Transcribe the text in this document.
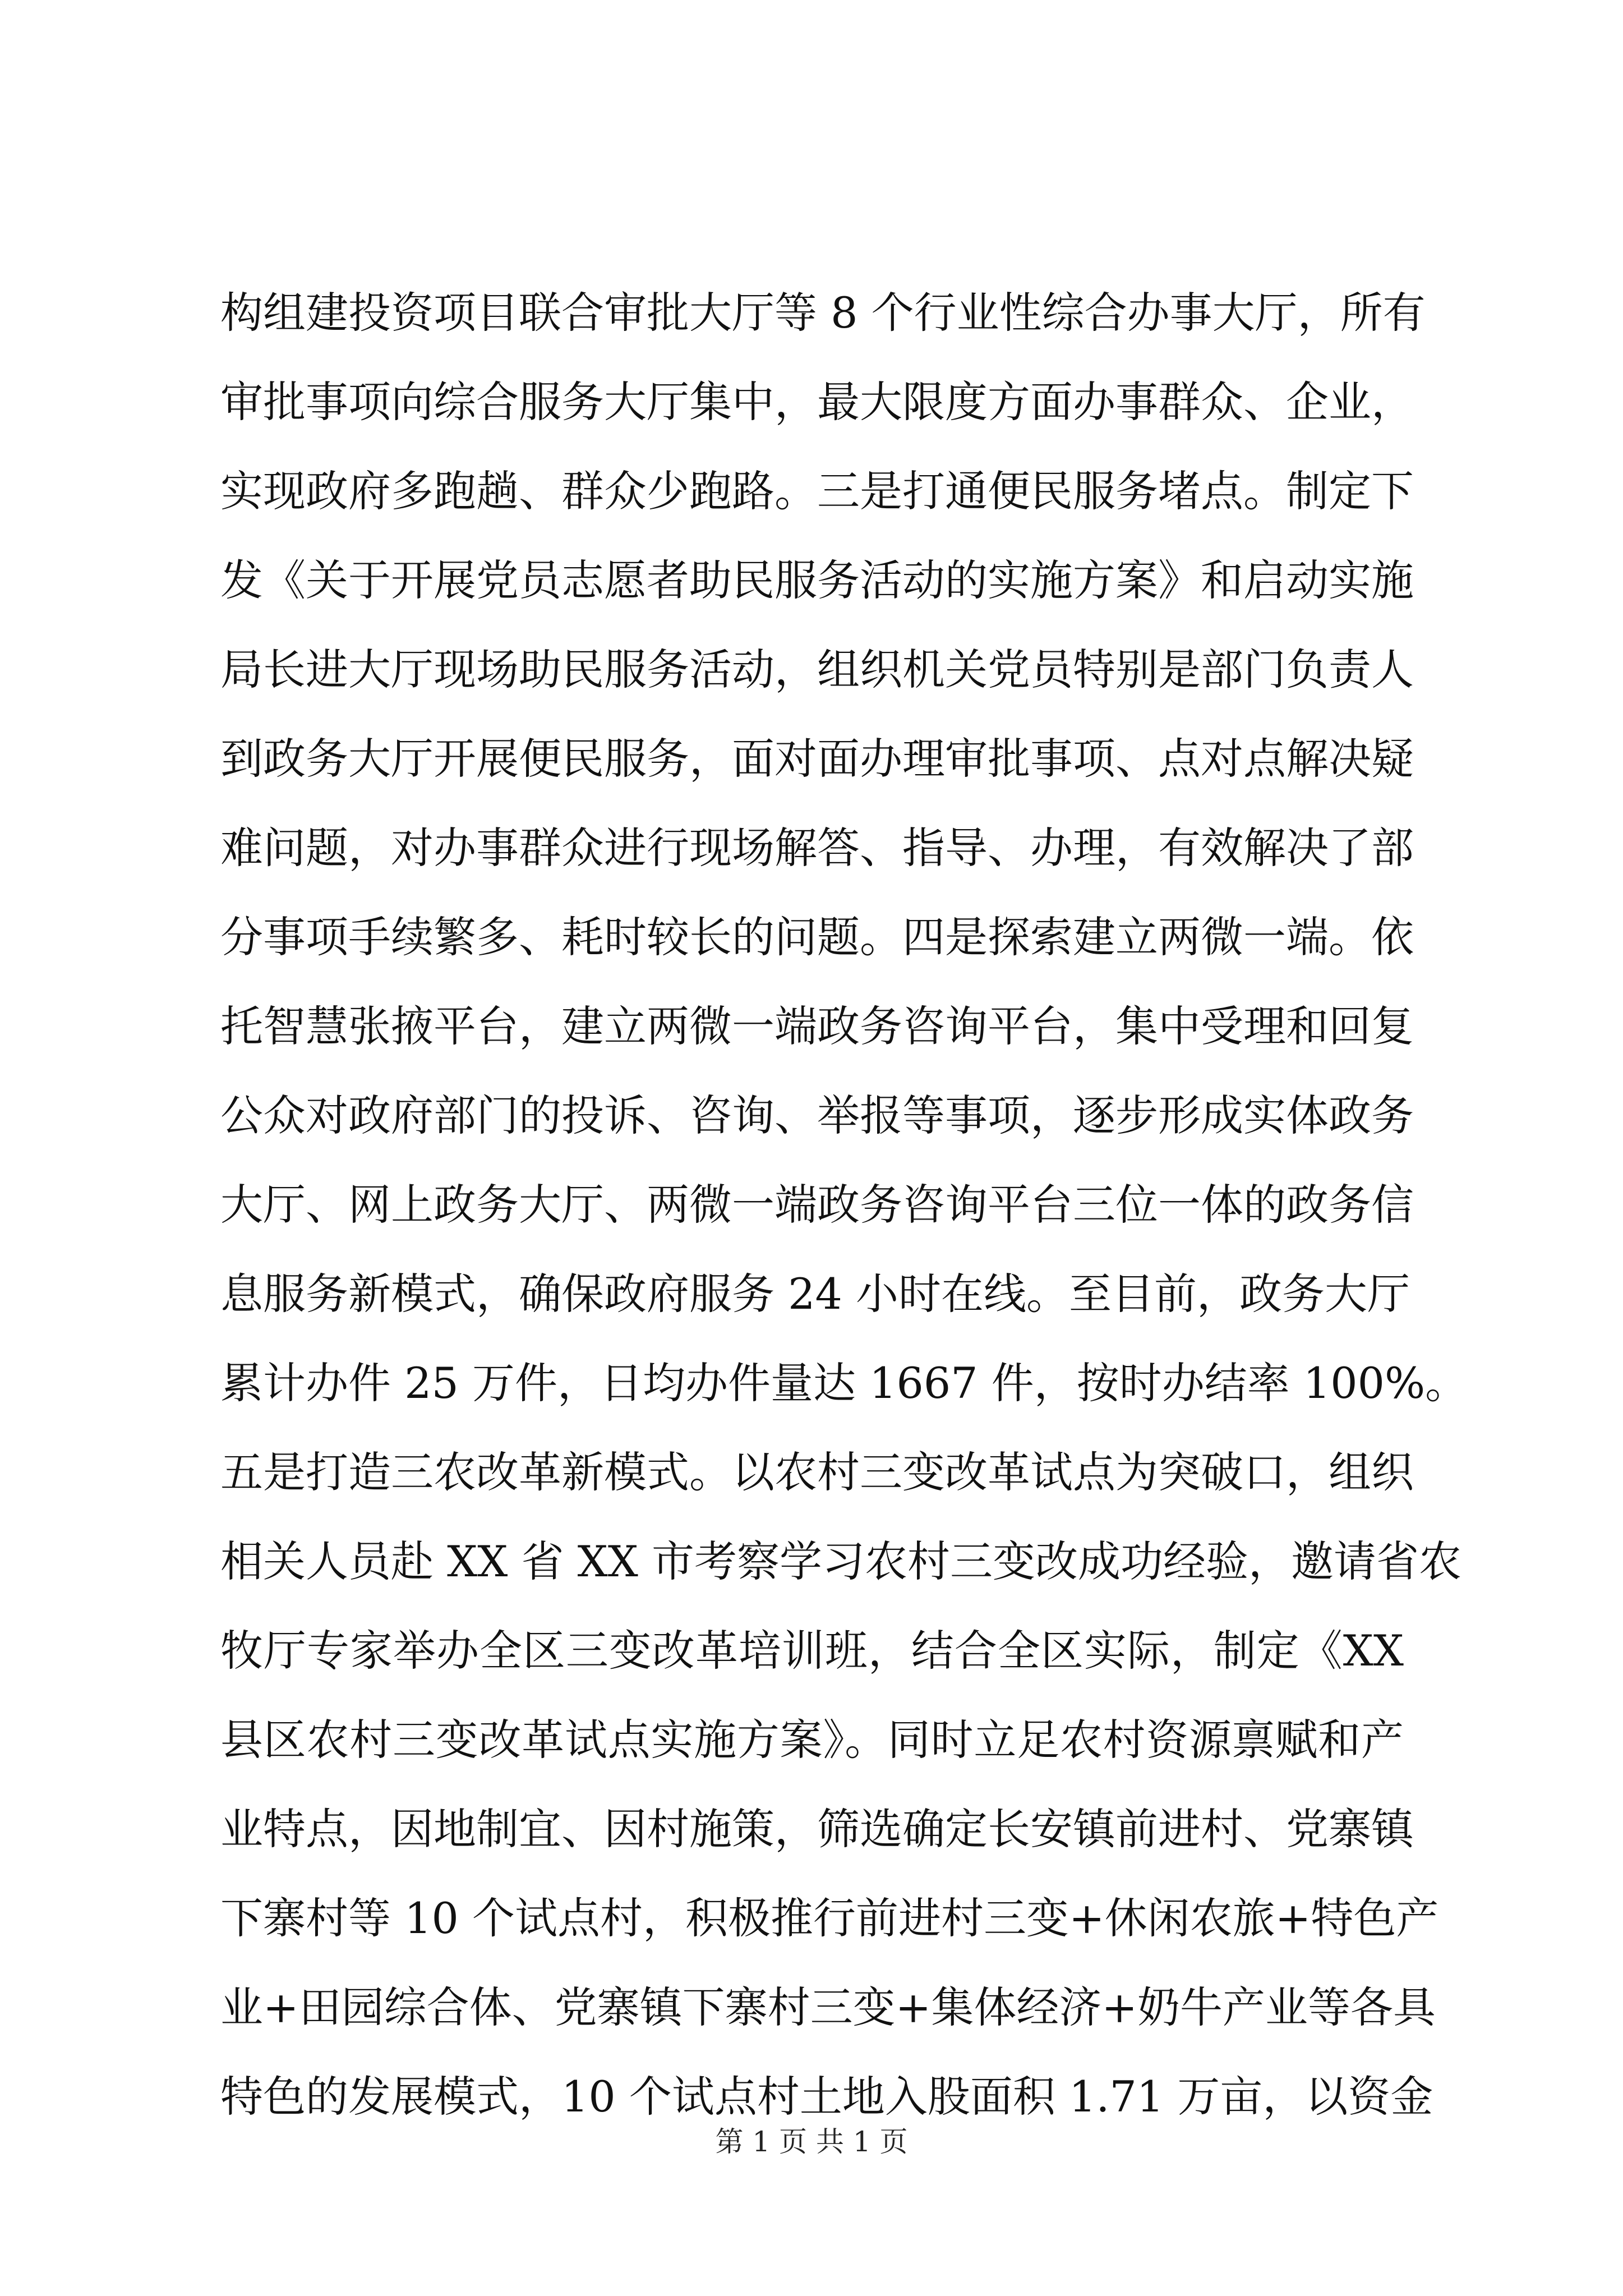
构组建投资项目联合审批大厅等 8 个行业性综合办事大厅，所有
审批事项向综合服务大厅集中，最大限度方面办事群众、企业，
实现政府多跑趟、群众少跑路。三是打通便民服务堵点。制定下
发《关于开展党员志愿者助民服务活动的实施方案》和启动实施
局长进大厅现场助民服务活动，组织机关党员特别是部门负责人
到政务大厅开展便民服务，面对面办理审批事项、点对点解决疑
难问题，对办事群众进行现场解答、指导、办理，有效解决了部
分事项手续繁多、耗时较长的问题。四是探索建立两微一端。依
托智慧张掖平台，建立两微一端政务咨询平台，集中受理和回复
公众对政府部门的投诉、咨询、举报等事项，逐步形成实体政务
大厅、网上政务大厅、两微一端政务咨询平台三位一体的政务信
息服务新模式，确保政府服务 24 小时在线。至目前，政务大厅
累计办件 25 万件，日均办件量达 1667 件，按时办结率 100%。
五是打造三农改革新模式。以农村三变改革试点为突破口，组织
相关人员赴 XX 省 XX 市考察学习农村三变改成功经验，邀请省农
牧厅专家举办全区三变改革培训班，结合全区实际，制定《XX
县区农村三变改革试点实施方案》。同时立足农村资源禀赋和产
业特点，因地制宜、因村施策，筛选确定长安镇前进村、党寨镇
下寨村等 10 个试点村，积极推行前进村三变+休闲农旅+特色产
业+田园综合体、党寨镇下寨村三变+集体经济+奶牛产业等各具
特色的发展模式，10 个试点村土地入股面积 1.71 万亩，以资金
第 1 页 共 1 页
